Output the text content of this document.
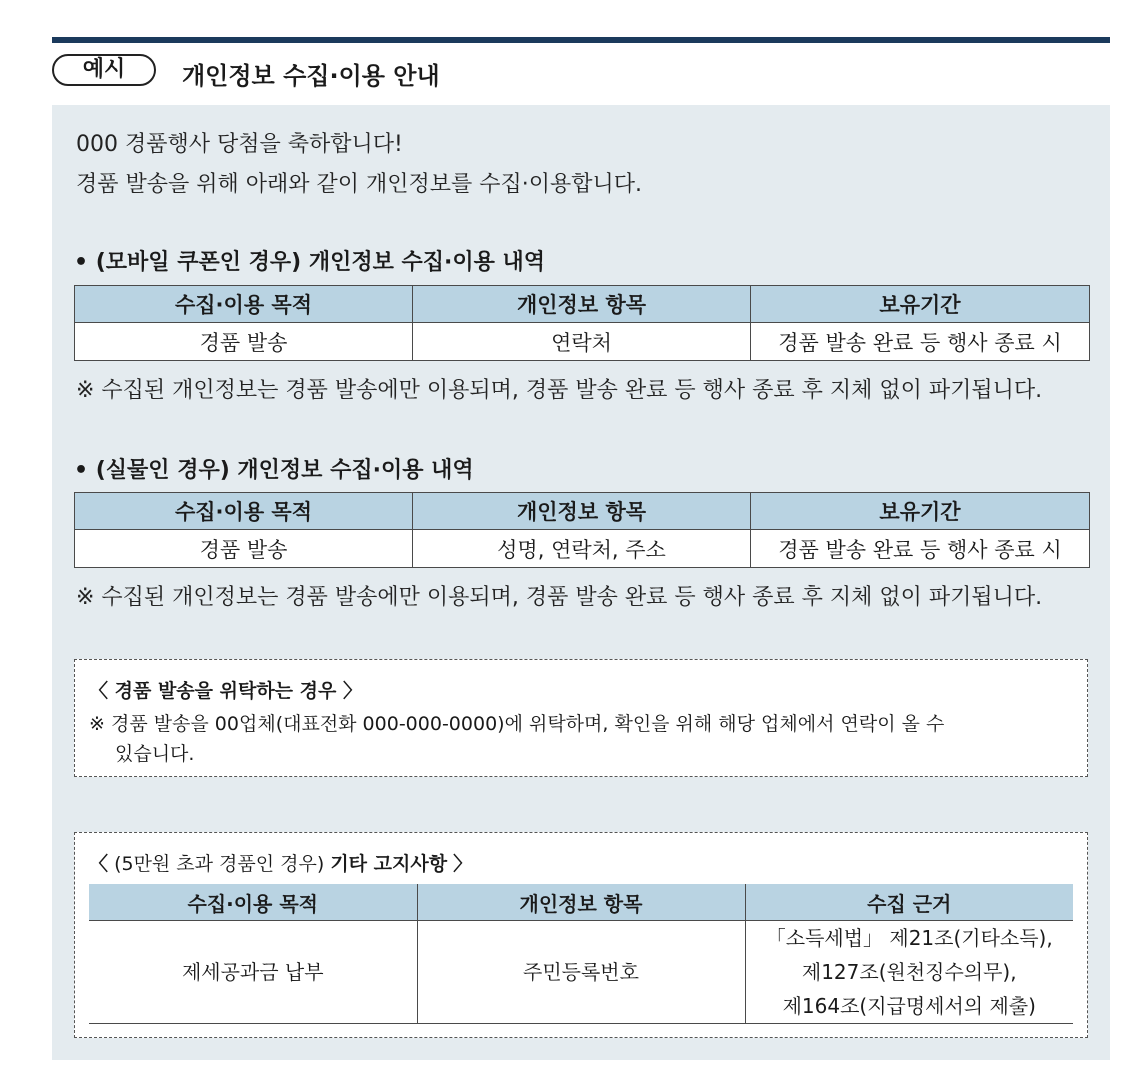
예시	개인정보 수집·이용 안내
000 경품행사 당첨을 축하합니다!
경품 발송을 위해 아래와 같이 개인정보를 수집·이용합니다.
• (모바일 쿠폰인 경우) 개인정보 수집·이용 내역
수집·이용 목적	개인정보 항목	보유기간
경품 발송	연락처	경품 발송 완료 등 행사 종료 시
※ 수집된 개인정보는 경품 발송에만 이용되며, 경품 발송 완료 등 행사 종료 후 지체 없이 파기됩니다.
• (실물인 경우) 개인정보 수집·이용 내역
수집·이용 목적	개인정보 항목	보유기간
경품 발송	성명, 연락처, 주소	경품 발송 완료 등 행사 종료 시
※ 수집된 개인정보는 경품 발송에만 이용되며, 경품 발송 완료 등 행사 종료 후 지체 없이 파기됩니다.
〈 경품 발송을 위탁하는 경우 〉
※ 경품 발송을 00업체(대표전화 000-000-0000)에 위탁하며, 확인을 위해 해당 업체에서 연락이 올 수
있습니다.
〈 (5만원 초과 경품인 경우) 기타 고지사항 〉
수집·이용 목적	개인정보 항목	수집 근거
제세공과금 납부	주민등록번호	「소득세법」 제21조(기타소득),
제127조(원천징수의무),
제164조(지급명세서의 제출)
